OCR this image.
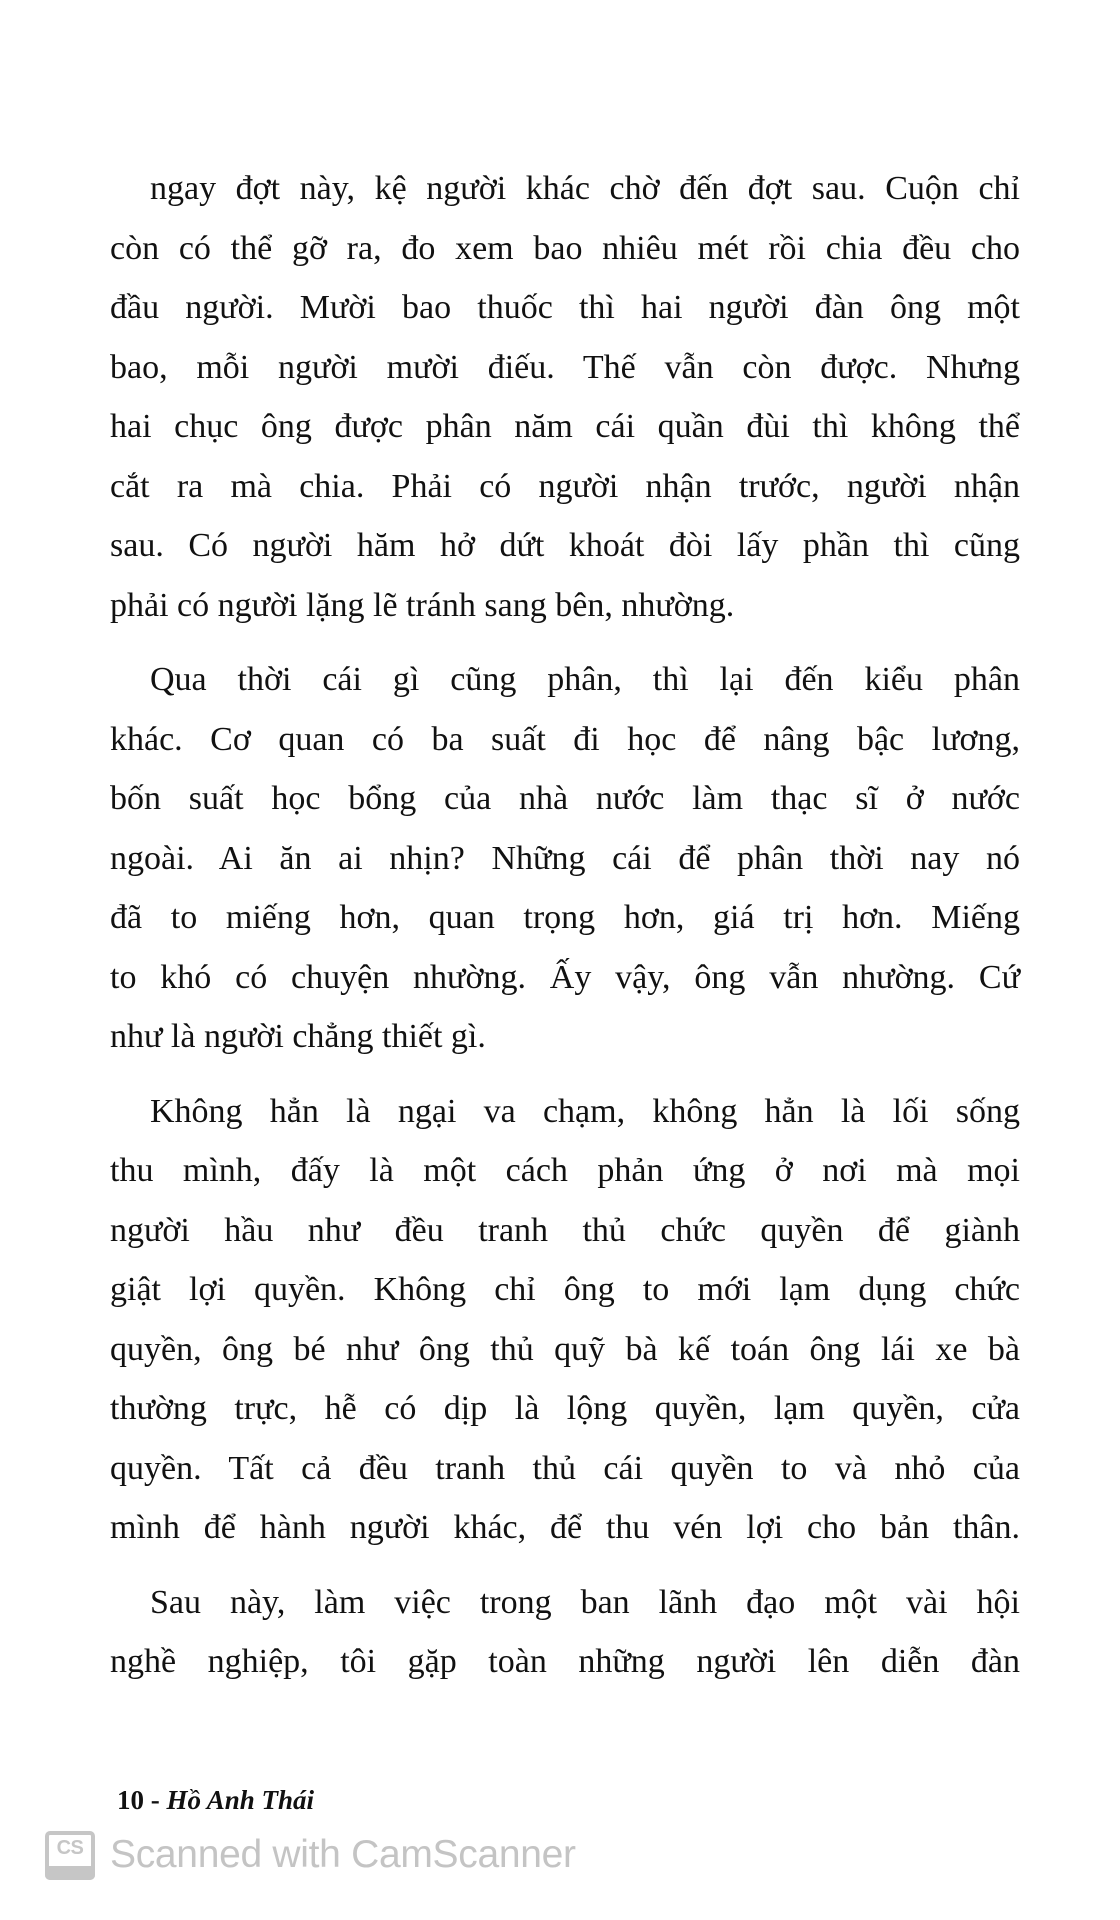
ngay đợt này, kệ người khác chờ đến đợt sau. Cuộn chỉ
còn có thể gỡ ra, đo xem bao nhiêu mét rồi chia đều cho
đầu người. Mười bao thuốc thì hai người đàn ông một
bao, mỗi người mười điếu. Thế vẫn còn được. Nhưng
hai chục ông được phân năm cái quần đùi thì không thể
cắt ra mà chia. Phải có người nhận trước, người nhận
sau. Có người hăm hở dứt khoát đòi lấy phần thì cũng
phải có người lặng lẽ tránh sang bên, nhường.
Qua thời cái gì cũng phân, thì lại đến kiểu phân
khác. Cơ quan có ba suất đi học để nâng bậc lương,
bốn suất học bổng của nhà nước làm thạc sĩ ở nước
ngoài. Ai ăn ai nhịn? Những cái để phân thời nay nó
đã to miếng hơn, quan trọng hơn, giá trị hơn. Miếng
to khó có chuyện nhường. Ấy vậy, ông vẫn nhường. Cứ
như là người chẳng thiết gì.
Không hẳn là ngại va chạm, không hẳn là lối sống
thu mình, đấy là một cách phản ứng ở nơi mà mọi
người hầu như đều tranh thủ chức quyền để giành
giật lợi quyền. Không chỉ ông to mới lạm dụng chức
quyền, ông bé như ông thủ quỹ bà kế toán ông lái xe bà
thường trực, hễ có dịp là lộng quyền, lạm quyền, cửa
quyền. Tất cả đều tranh thủ cái quyền to và nhỏ của
mình để hành người khác, để thu vén lợi cho bản thân.
Sau này, làm việc trong ban lãnh đạo một vài hội
nghề nghiệp, tôi gặp toàn những người lên diễn đàn
10 - Hồ Anh Thái
CS Scanned with CamScanner
